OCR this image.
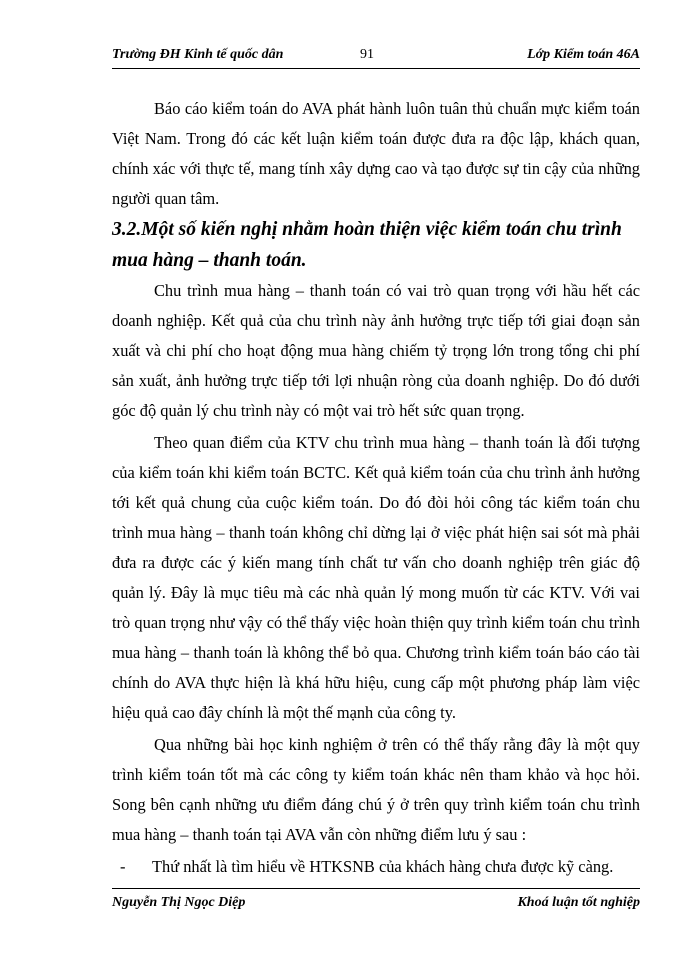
Trường ĐH Kinh tế quốc dân	91	Lớp Kiểm toán 46A

Báo cáo kiểm toán do AVA phát hành luôn tuân thủ chuẩn mực kiểm toán Việt Nam. Trong đó các kết luận kiểm toán được đưa ra độc lập, khách quan, chính xác với thực tế, mang tính xây dựng cao và tạo được sự tin cậy của những người quan tâm.

3.2.Một số kiến nghị nhằm hoàn thiện việc kiểm toán chu trình mua hàng – thanh toán.

Chu trình mua hàng – thanh toán có vai trò quan trọng với hầu hết các doanh nghiệp. Kết quả của chu trình này ảnh hưởng trực tiếp tới giai đoạn sản xuất và chi phí cho hoạt động mua hàng chiếm tỷ trọng lớn trong tổng chi phí sản xuất, ảnh hưởng trực tiếp tới lợi nhuận ròng của doanh nghiệp. Do đó dưới góc độ quản lý chu trình này có một vai trò hết sức quan trọng.

Theo quan điểm của KTV chu trình mua hàng – thanh toán là đối tượng của kiểm toán khi kiểm toán BCTC. Kết quả kiểm toán của chu trình ảnh hưởng tới kết quả chung của cuộc kiểm toán. Do đó đòi hỏi công tác kiểm toán chu trình mua hàng – thanh toán không chỉ dừng lại ở việc phát hiện sai sót mà phải đưa ra được các ý kiến mang tính chất tư vấn cho doanh nghiệp trên giác độ quản lý. Đây là mục tiêu mà các nhà quản lý mong muốn từ các KTV. Với vai trò quan trọng như vậy có thể thấy việc hoàn thiện quy trình kiểm toán chu trình mua hàng – thanh toán là không thể bỏ qua. Chương trình kiểm toán báo cáo tài chính do AVA thực hiện là khá hữu hiệu, cung cấp một phương pháp làm việc hiệu quả cao đây chính là một thế mạnh của công ty.

Qua những bài học kinh nghiệm ở trên có thể thấy rằng đây là một quy trình kiểm toán tốt mà các công ty kiểm toán khác nên tham khảo và học hỏi. Song bên cạnh những ưu điểm đáng chú ý ở trên quy trình kiểm toán chu trình mua hàng – thanh toán tại AVA vẫn còn những điểm lưu ý sau :

- Thứ nhất là tìm hiểu về HTKSNB của khách hàng chưa được kỹ càng.

Nguyễn Thị Ngọc Diệp	Khoá luận tốt nghiệp
